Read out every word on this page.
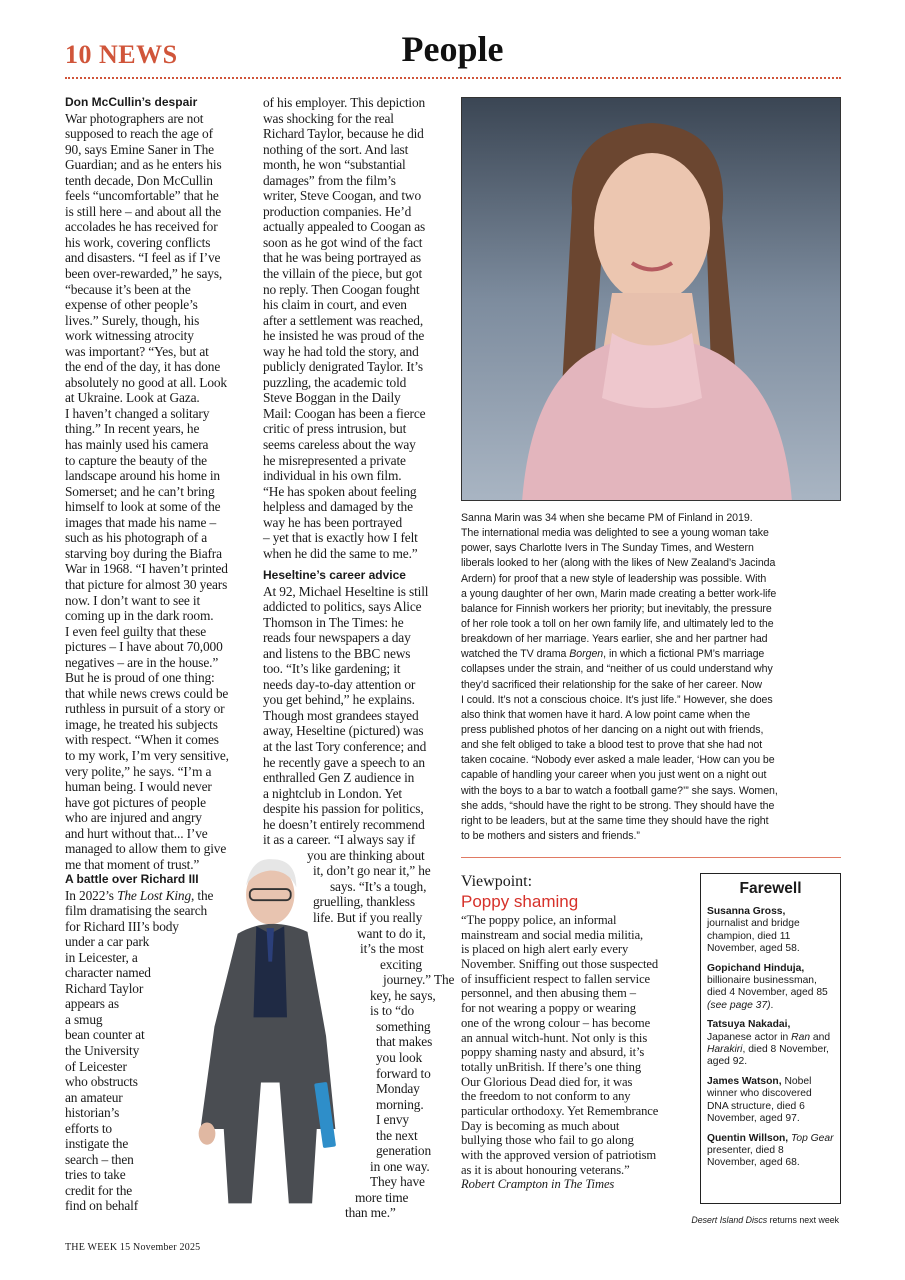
10 NEWS	People
Don McCullin’s despair
War photographers are not
supposed to reach the age of
90, says Emine Saner in The
Guardian; and as he enters his
tenth decade, Don McCullin
feels “uncomfortable” that he
is still here – and about all the
accolades he has received for
his work, covering conflicts
and disasters. “I feel as if I’ve
been over-rewarded,” he says,
“because it’s been at the
expense of other people’s
lives.” Surely, though, his
work witnessing atrocity
was important? “Yes, but at
the end of the day, it has done
absolutely no good at all. Look
at Ukraine. Look at Gaza.
I haven’t changed a solitary
thing.” In recent years, he
has mainly used his camera
to capture the beauty of the
landscape around his home in
Somerset; and he can’t bring
himself to look at some of the
images that made his name –
such as his photograph of a
starving boy during the Biafra
War in 1968. “I haven’t printed
that picture for almost 30 years
now. I don’t want to see it
coming up in the dark room.
I even feel guilty that these
pictures – I have about 70,000
negatives – are in the house.”
But he is proud of one thing:
that while news crews could be
ruthless in pursuit of a story or
image, he treated his subjects
with respect. “When it comes
to my work, I’m very sensitive,
very polite,” he says. “I’m a
human being. I would never
have got pictures of people
who are injured and angry
and hurt without that... I’ve
managed to allow them to give
me that moment of trust.”
A battle over Richard III
In 2022’s The Lost King, the
film dramatising the search
for Richard III’s body
under a car park
in Leicester, a
character named
Richard Taylor
appears as
a smug
bean counter at
the University
of Leicester
who obstructs
an amateur
historian’s
efforts to
instigate the
search – then
tries to take
credit for the
find on behalf
of his employer. This depiction
was shocking for the real
Richard Taylor, because he did
nothing of the sort. And last
month, he won “substantial
damages” from the film’s
writer, Steve Coogan, and two
production companies. He’d
actually appealed to Coogan as
soon as he got wind of the fact
that he was being portrayed as
the villain of the piece, but got
no reply. Then Coogan fought
his claim in court, and even
after a settlement was reached,
he insisted he was proud of the
way he had told the story, and
publicly denigrated Taylor. It’s
puzzling, the academic told
Steve Boggan in the Daily
Mail: Coogan has been a fierce
critic of press intrusion, but
seems careless about the way
he misrepresented a private
individual in his own film.
“He has spoken about feeling
helpless and damaged by the
way he has been portrayed
– yet that is exactly how I felt
when he did the same to me.”
Heseltine’s career advice
At 92, Michael Heseltine is still
addicted to politics, says Alice
Thomson in The Times: he
reads four newspapers a day
and listens to the BBC news
too. “It’s like gardening; it
needs day-to-day attention or
you get behind,” he explains.
Though most grandees stayed
away, Heseltine (pictured) was
at the last Tory conference; and
he recently gave a speech to an
enthralled Gen Z audience in
a nightclub in London. Yet
despite his passion for politics,
he doesn’t entirely recommend
it as a career. “I always say if
you are thinking about
it, don’t go near it,” he
says. “It’s a tough,
gruelling, thankless
life. But if you really
want to do it,
it’s the most
exciting
journey.” The
key, he says,
is to “do
something
that makes
you look
forward to
Monday
morning.
I envy
the next
generation
in one way.
They have
more time
than me.”
Sanna Marin was 34 when she became PM of Finland in 2019.
The international media was delighted to see a young woman take
power, says Charlotte Ivers in The Sunday Times, and Western
liberals looked to her (along with the likes of New Zealand’s Jacinda
Ardern) for proof that a new style of leadership was possible. With
a young daughter of her own, Marin made creating a better work-life
balance for Finnish workers her priority; but inevitably, the pressure
of her role took a toll on her own family life, and ultimately led to the
breakdown of her marriage. Years earlier, she and her partner had
watched the TV drama Borgen, in which a fictional PM’s marriage
collapses under the strain, and “neither of us could understand why
they’d sacrificed their relationship for the sake of her career. Now
I could. It’s not a conscious choice. It’s just life.” However, she does
also think that women have it hard. A low point came when the
press published photos of her dancing on a night out with friends,
and she felt obliged to take a blood test to prove that she had not
taken cocaine. “Nobody ever asked a male leader, ‘How can you be
capable of handling your career when you just went on a night out
with the boys to a bar to watch a football game?’” she says. Women,
she adds, “should have the right to be strong. They should have the
right to be leaders, but at the same time they should have the right
to be mothers and sisters and friends.”
Viewpoint:
Poppy shaming
“The poppy police, an informal
mainstream and social media militia,
is placed on high alert early every
November. Sniffing out those suspected
of insufficient respect to fallen service
personnel, and then abusing them –
for not wearing a poppy or wearing
one of the wrong colour – has become
an annual witch-hunt. Not only is this
poppy shaming nasty and absurd, it’s
totally unBritish. If there’s one thing
Our Glorious Dead died for, it was
the freedom to not conform to any
particular orthodoxy. Yet Remembrance
Day is becoming as much about
bullying those who fail to go along
with the approved version of patriotism
as it is about honouring veterans.”
Robert Crampton in The Times
Farewell
Susanna Gross,
journalist and bridge champion, died 11 November, aged 58.
Gopichand Hinduja,
billionaire businessman, died 4 November, aged 85 (see page 37).
Tatsuya Nakadai,
Japanese actor in Ran and Harakiri, died 8 November, aged 92.
James Watson, Nobel winner who discovered DNA structure, died 6 November, aged 97.
Quentin Willson, Top Gear presenter, died 8 November, aged 68.
Desert Island Discs returns next week
THE WEEK 15 November 2025
